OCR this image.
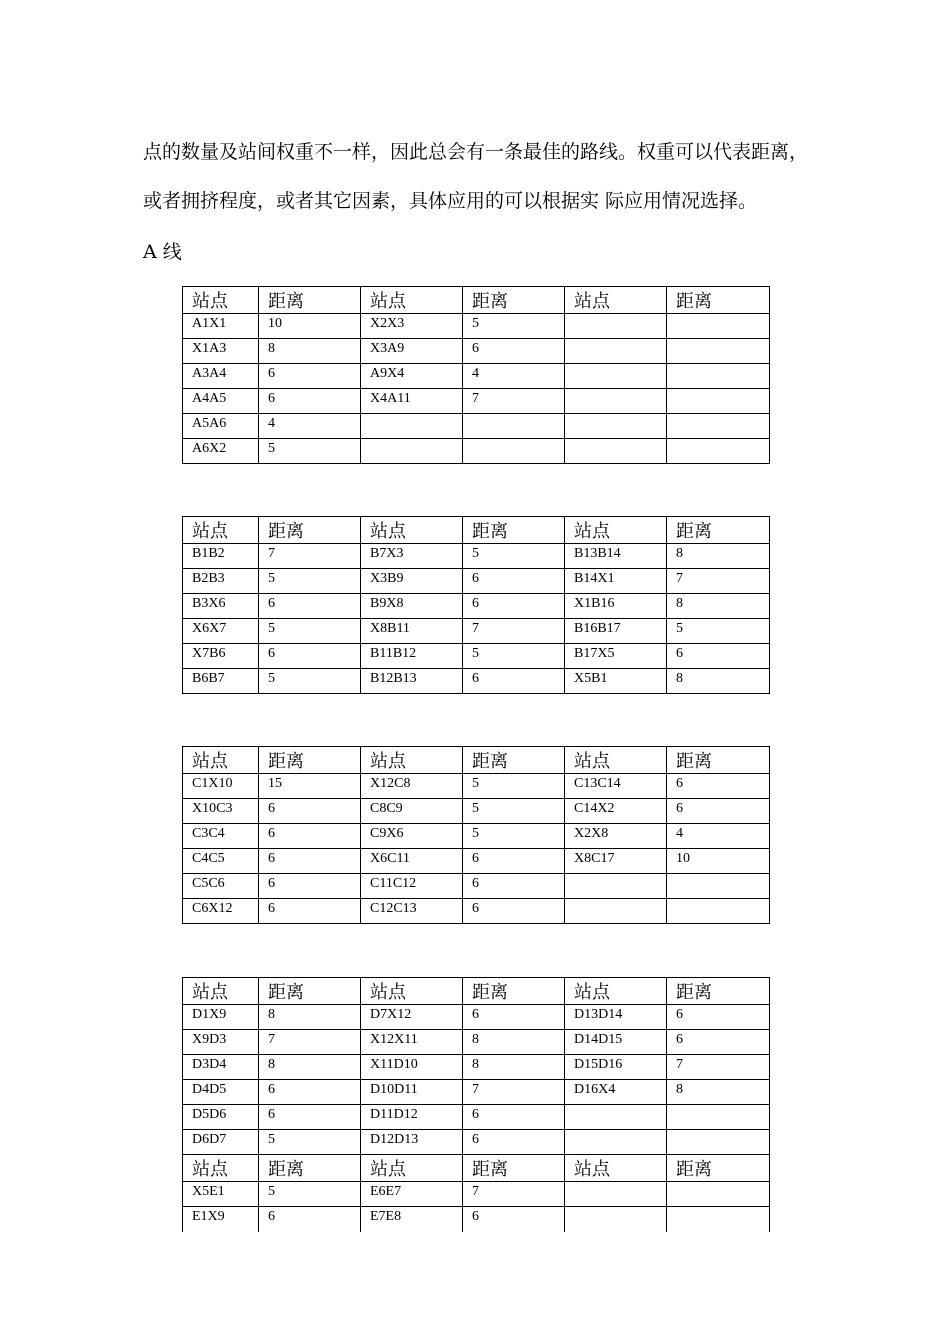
点的数量及站间权重不一样，因此总会有一条最佳的路线。权重可以代表距离，
或者拥挤程度，或者其它因素，具体应用的可以根据实 际应用情况选择。
A 线
站点	距离	站点	距离	站点	距离
A1X1	10	X2X3	5		
X1A3	8	X3A9	6		
A3A4	6	A9X4	4		
A4A5	6	X4A11	7		
A5A6	4				
A6X2	5				
站点	距离	站点	距离	站点	距离
B1B2	7	B7X3	5	B13B14	8
B2B3	5	X3B9	6	B14X1	7
B3X6	6	B9X8	6	X1B16	8
X6X7	5	X8B11	7	B16B17	5
X7B6	6	B11B12	5	B17X5	6
B6B7	5	B12B13	6	X5B1	8
站点	距离	站点	距离	站点	距离
C1X10	15	X12C8	5	C13C14	6
X10C3	6	C8C9	5	C14X2	6
C3C4	6	C9X6	5	X2X8	4
C4C5	6	X6C11	6	X8C17	10
C5C6	6	C11C12	6		
C6X12	6	C12C13	6		
站点	距离	站点	距离	站点	距离
D1X9	8	D7X12	6	D13D14	6
X9D3	7	X12X11	8	D14D15	6
D3D4	8	X11D10	8	D15D16	7
D4D5	6	D10D11	7	D16X4	8
D5D6	6	D11D12	6		
D6D7	5	D12D13	6		
站点	距离	站点	距离	站点	距离
X5E1	5	E6E7	7		
E1X9	6	E7E8	6		
